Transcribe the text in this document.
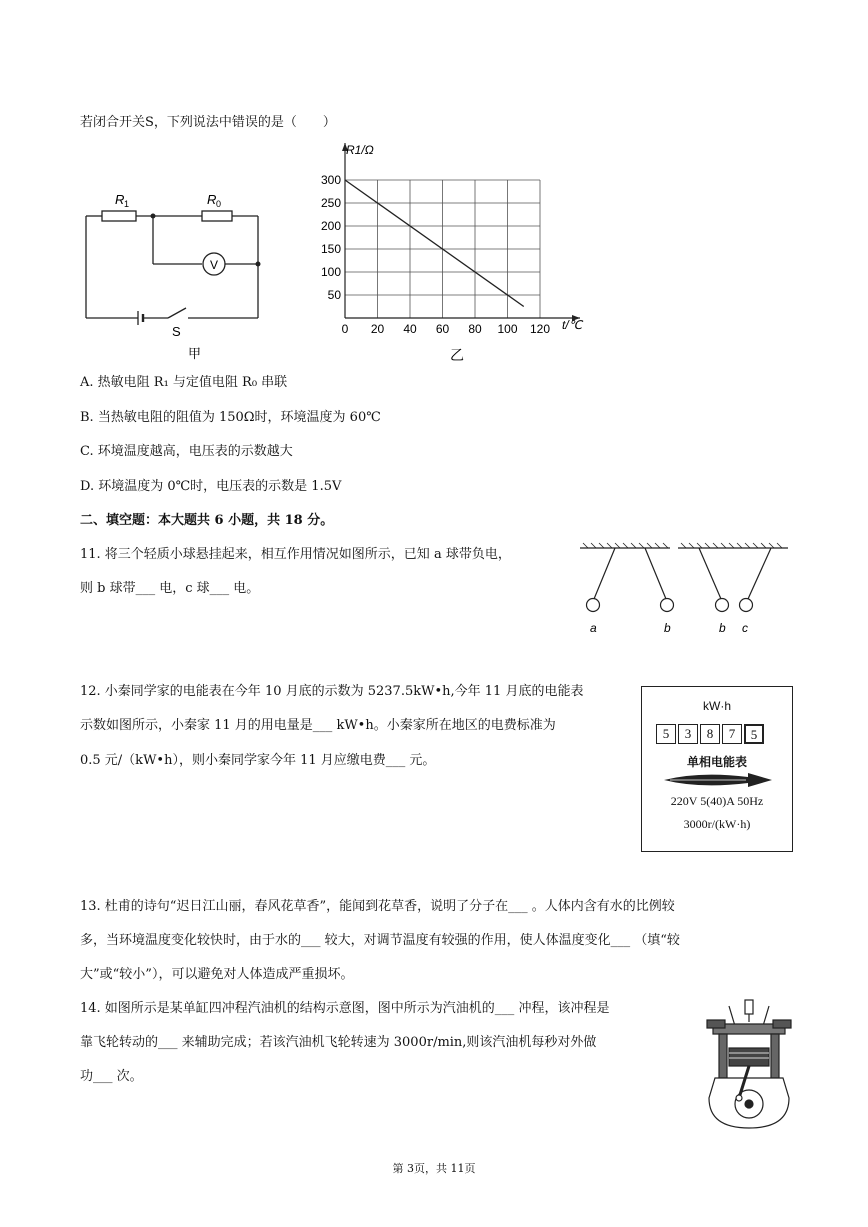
若闭合开关S，下列说法中错误的是（　　）
R 1	R 0
V
S
甲
0 20 40 60 80 100 120
50
100
150
200
250
300
R1/Ω
t/℃
乙
A. 热敏电阻 R₁ 与定值电阻 R₀ 串联
B. 当热敏电阻的阻值为 150Ω时，环境温度为 60℃
C. 环境温度越高，电压表的示数越大
D. 环境温度为 0℃时，电压表的示数是 1.5V
二、填空题：本大题共 6 小题，共 18 分。
11. 将三个轻质小球悬挂起来，相互作用情况如图所示，已知 a 球带负电，
则 b 球带___ 电，c 球___ 电。
a	b	b c
12. 小秦同学家的电能表在今年 10 月底的示数为 5237.5kW•h,今年 11 月底的电能表
示数如图所示，小秦家 11 月的用电量是___ kW•h。小秦家所在地区的电费标准为
0.5 元/（kW•h），则小秦同学家今年 11 月应缴电费___ 元。
kW·h
5	3	8	7	5
单相电能表
220V 5(40)A 50Hz
3000r/(kW·h)
13. 杜甫的诗句“迟日江山丽，春风花草香”，能闻到花草香，说明了分子在___ 。人体内含有水的比例较
多，当环境温度变化较快时，由于水的___ 较大，对调节温度有较强的作用，使人体温度变化___ （填“较
大”或“较小”），可以避免对人体造成严重损坏。
14. 如图所示是某单缸四冲程汽油机的结构示意图，图中所示为汽油机的___ 冲程，该冲程是
靠飞轮转动的___ 来辅助完成；若该汽油机飞轮转速为 3000r/min,则该汽油机每秒对外做
功___ 次。
第 3页，共 11页
